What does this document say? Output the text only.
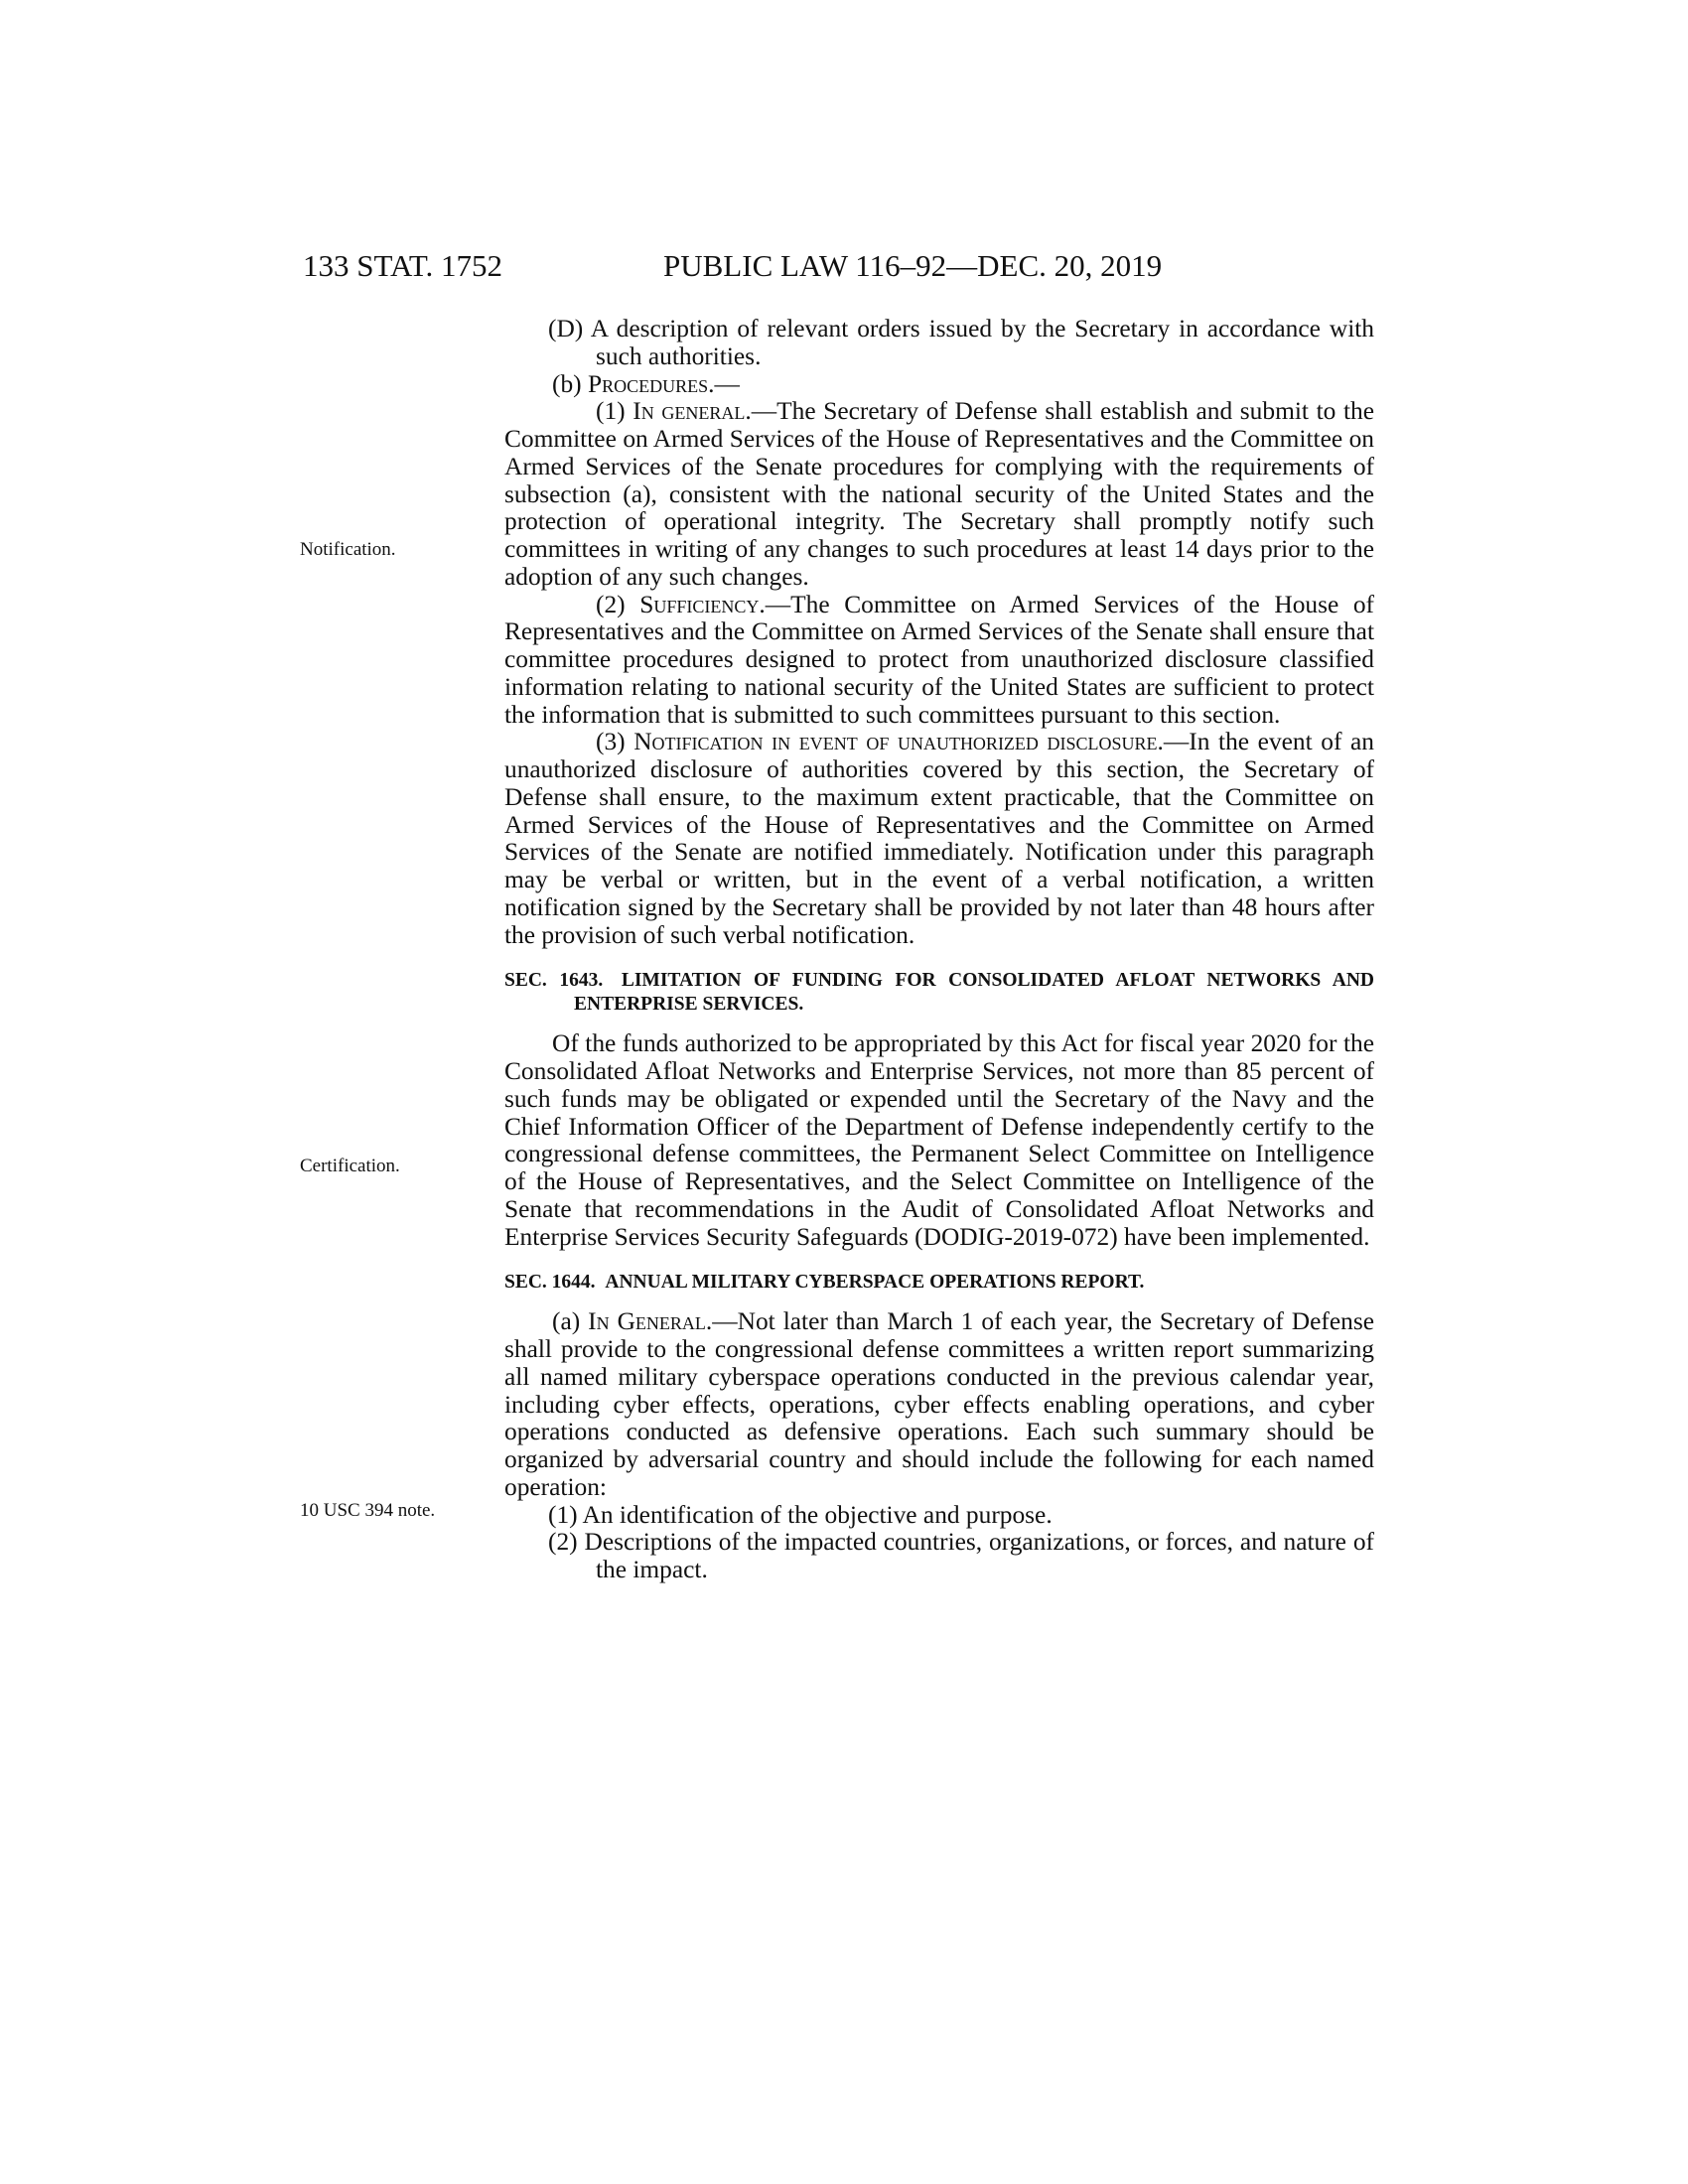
133 STAT. 1752	PUBLIC LAW 116–92—DEC. 20, 2019
Notification.
Certification.
10 USC 394 note.

(D) A description of relevant orders issued by the Secretary in accordance with such authorities.

(b) Procedures.—

(1) In general.—The Secretary of Defense shall establish and submit to the Committee on Armed Services of the House of Representatives and the Committee on Armed Services of the Senate procedures for complying with the requirements of subsection (a), consistent with the national security of the United States and the protection of operational integrity. The Secretary shall promptly notify such committees in writing of any changes to such procedures at least 14 days prior to the adoption of any such changes.

(2) Sufficiency.—The Committee on Armed Services of the House of Representatives and the Committee on Armed Services of the Senate shall ensure that committee procedures designed to protect from unauthorized disclosure classified information relating to national security of the United States are sufficient to protect the information that is submitted to such committees pursuant to this section.

(3) Notification in event of unauthorized disclosure.—In the event of an unauthorized disclosure of authorities covered by this section, the Secretary of Defense shall ensure, to the maximum extent practicable, that the Committee on Armed Services of the House of Representatives and the Committee on Armed Services of the Senate are notified immediately. Notification under this paragraph may be verbal or written, but in the event of a verbal notification, a written notification signed by the Secretary shall be provided by not later than 48 hours after the provision of such verbal notification.

SEC. 1643. LIMITATION OF FUNDING FOR CONSOLIDATED AFLOAT NETWORKS AND ENTERPRISE SERVICES.

Of the funds authorized to be appropriated by this Act for fiscal year 2020 for the Consolidated Afloat Networks and Enterprise Services, not more than 85 percent of such funds may be obligated or expended until the Secretary of the Navy and the Chief Information Officer of the Department of Defense independently certify to the congressional defense committees, the Permanent Select Committee on Intelligence of the House of Representatives, and the Select Committee on Intelligence of the Senate that recommendations in the Audit of Consolidated Afloat Networks and Enterprise Services Security Safeguards (DODIG-2019-072) have been implemented.

SEC. 1644. ANNUAL MILITARY CYBERSPACE OPERATIONS REPORT.

(a) In General.—Not later than March 1 of each year, the Secretary of Defense shall provide to the congressional defense committees a written report summarizing all named military cyberspace operations conducted in the previous calendar year, including cyber effects, operations, cyber effects enabling operations, and cyber operations conducted as defensive operations. Each such summary should be organized by adversarial country and should include the following for each named operation:

(1) An identification of the objective and purpose.

(2) Descriptions of the impacted countries, organizations, or forces, and nature of the impact.
